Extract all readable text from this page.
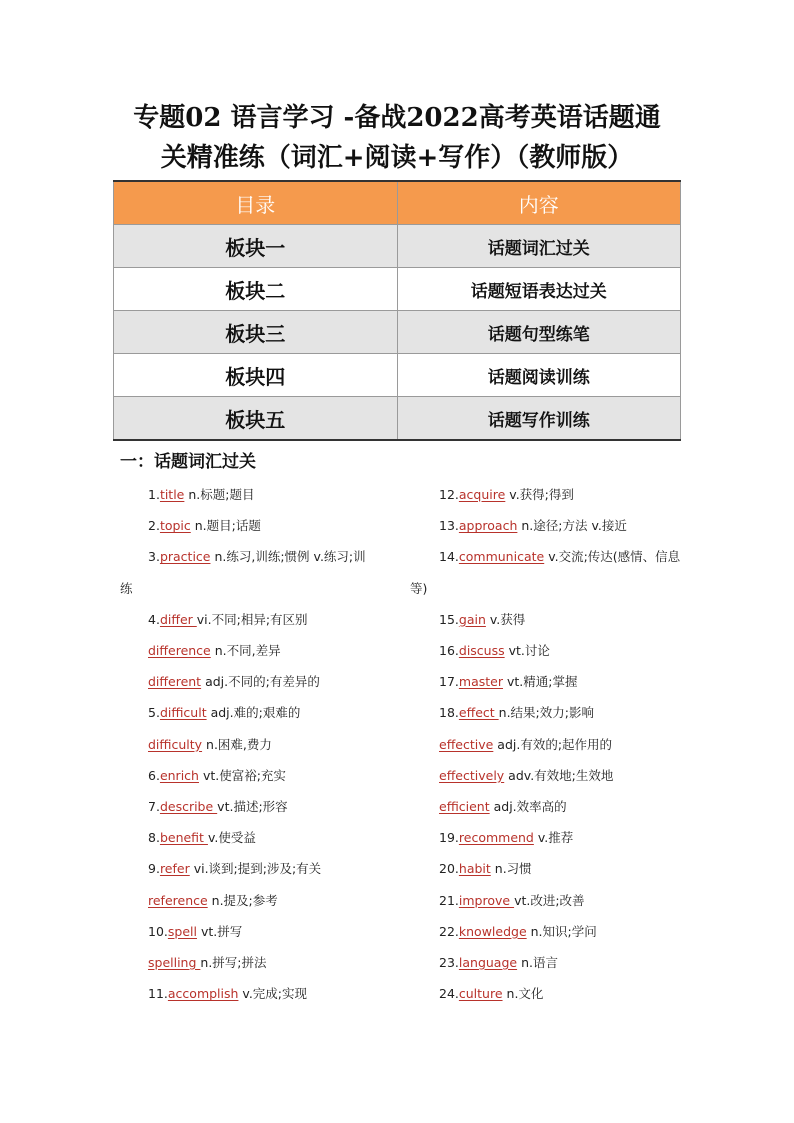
专题02 语言学习 -备战2022高考英语话题通
关精准练（词汇+阅读+写作）（教师版）
目录	内容
板块一	话题词汇过关
板块二	话题短语表达过关
板块三	话题句型练笔
板块四	话题阅读训练
板块五	话题写作训练
一：话题词汇过关
1.title n.标题;题目
2.topic n.题目;话题
3.practice n.练习,训练;惯例 v.练习;训
练
4.differ vi.不同;相异;有区别
difference n.不同,差异
different adj.不同的;有差异的
5.difficult adj.难的;艰难的
difficulty n.困难,费力
6.enrich vt.使富裕;充实
7.describe vt.描述;形容
8.benefit v.使受益
9.refer vi.谈到;提到;涉及;有关
reference n.提及;参考
10.spell vt.拼写
spelling n.拼写;拼法
11.accomplish v.完成;实现
12.acquire v.获得;得到
13.approach n.途径;方法 v.接近
14.communicate v.交流;传达(感情、信息
等)
15.gain v.获得
16.discuss vt.讨论
17.master vt.精通;掌握
18.effect n.结果;效力;影响
effective adj.有效的;起作用的
effectively adv.有效地;生效地
efficient adj.效率高的
19.recommend v.推荐
20.habit n.习惯
21.improve vt.改进;改善
22.knowledge n.知识;学问
23.language n.语言
24.culture n.文化
